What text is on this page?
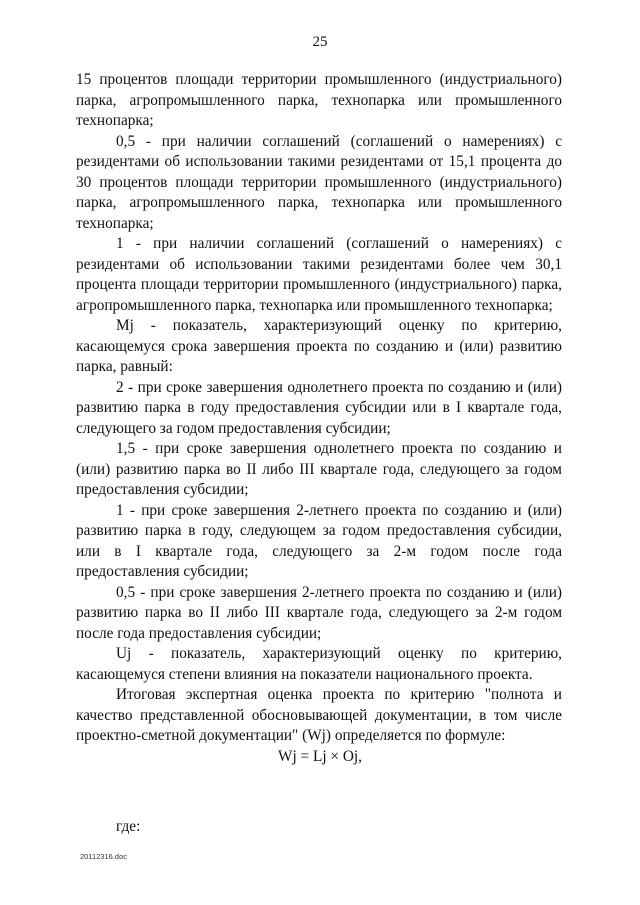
25

15 процентов площади территории промышленного (индустриального) парка, агропромышленного парка, технопарка или промышленного технопарка;

0,5 - при наличии соглашений (соглашений о намерениях) с резидентами об использовании такими резидентами от 15,1 процента до 30 процентов площади территории промышленного (индустриального) парка, агропромышленного парка, технопарка или промышленного технопарка;

1 - при наличии соглашений (соглашений о намерениях) с резидентами об использовании такими резидентами более чем 30,1 процента площади территории промышленного (индустриального) парка, агропромышленного парка, технопарка или промышленного технопарка;

Mj - показатель, характеризующий оценку по критерию, касающемуся срока завершения проекта по созданию и (или) развитию парка, равный:

2 - при сроке завершения однолетнего проекта по созданию и (или) развитию парка в году предоставления субсидии или в I квартале года, следующего за годом предоставления субсидии;

1,5 - при сроке завершения однолетнего проекта по созданию и (или) развитию парка во II либо III квартале года, следующего за годом предоставления субсидии;

1 - при сроке завершения 2-летнего проекта по созданию и (или) развитию парка в году, следующем за годом предоставления субсидии, или в I квартале года, следующего за 2-м годом после года предоставления субсидии;

0,5 - при сроке завершения 2-летнего проекта по созданию и (или) развитию парка во II либо III квартале года, следующего за 2-м годом после года предоставления субсидии;

Uj - показатель, характеризующий оценку по критерию, касающемуся степени влияния на показатели национального проекта.

Итоговая экспертная оценка проекта по критерию "полнота и качество представленной обосновывающей документации, в том числе проектно-сметной документации" (Wj) определяется по формуле:

Wj = Lj × Oj,
где:
20112316.doc
